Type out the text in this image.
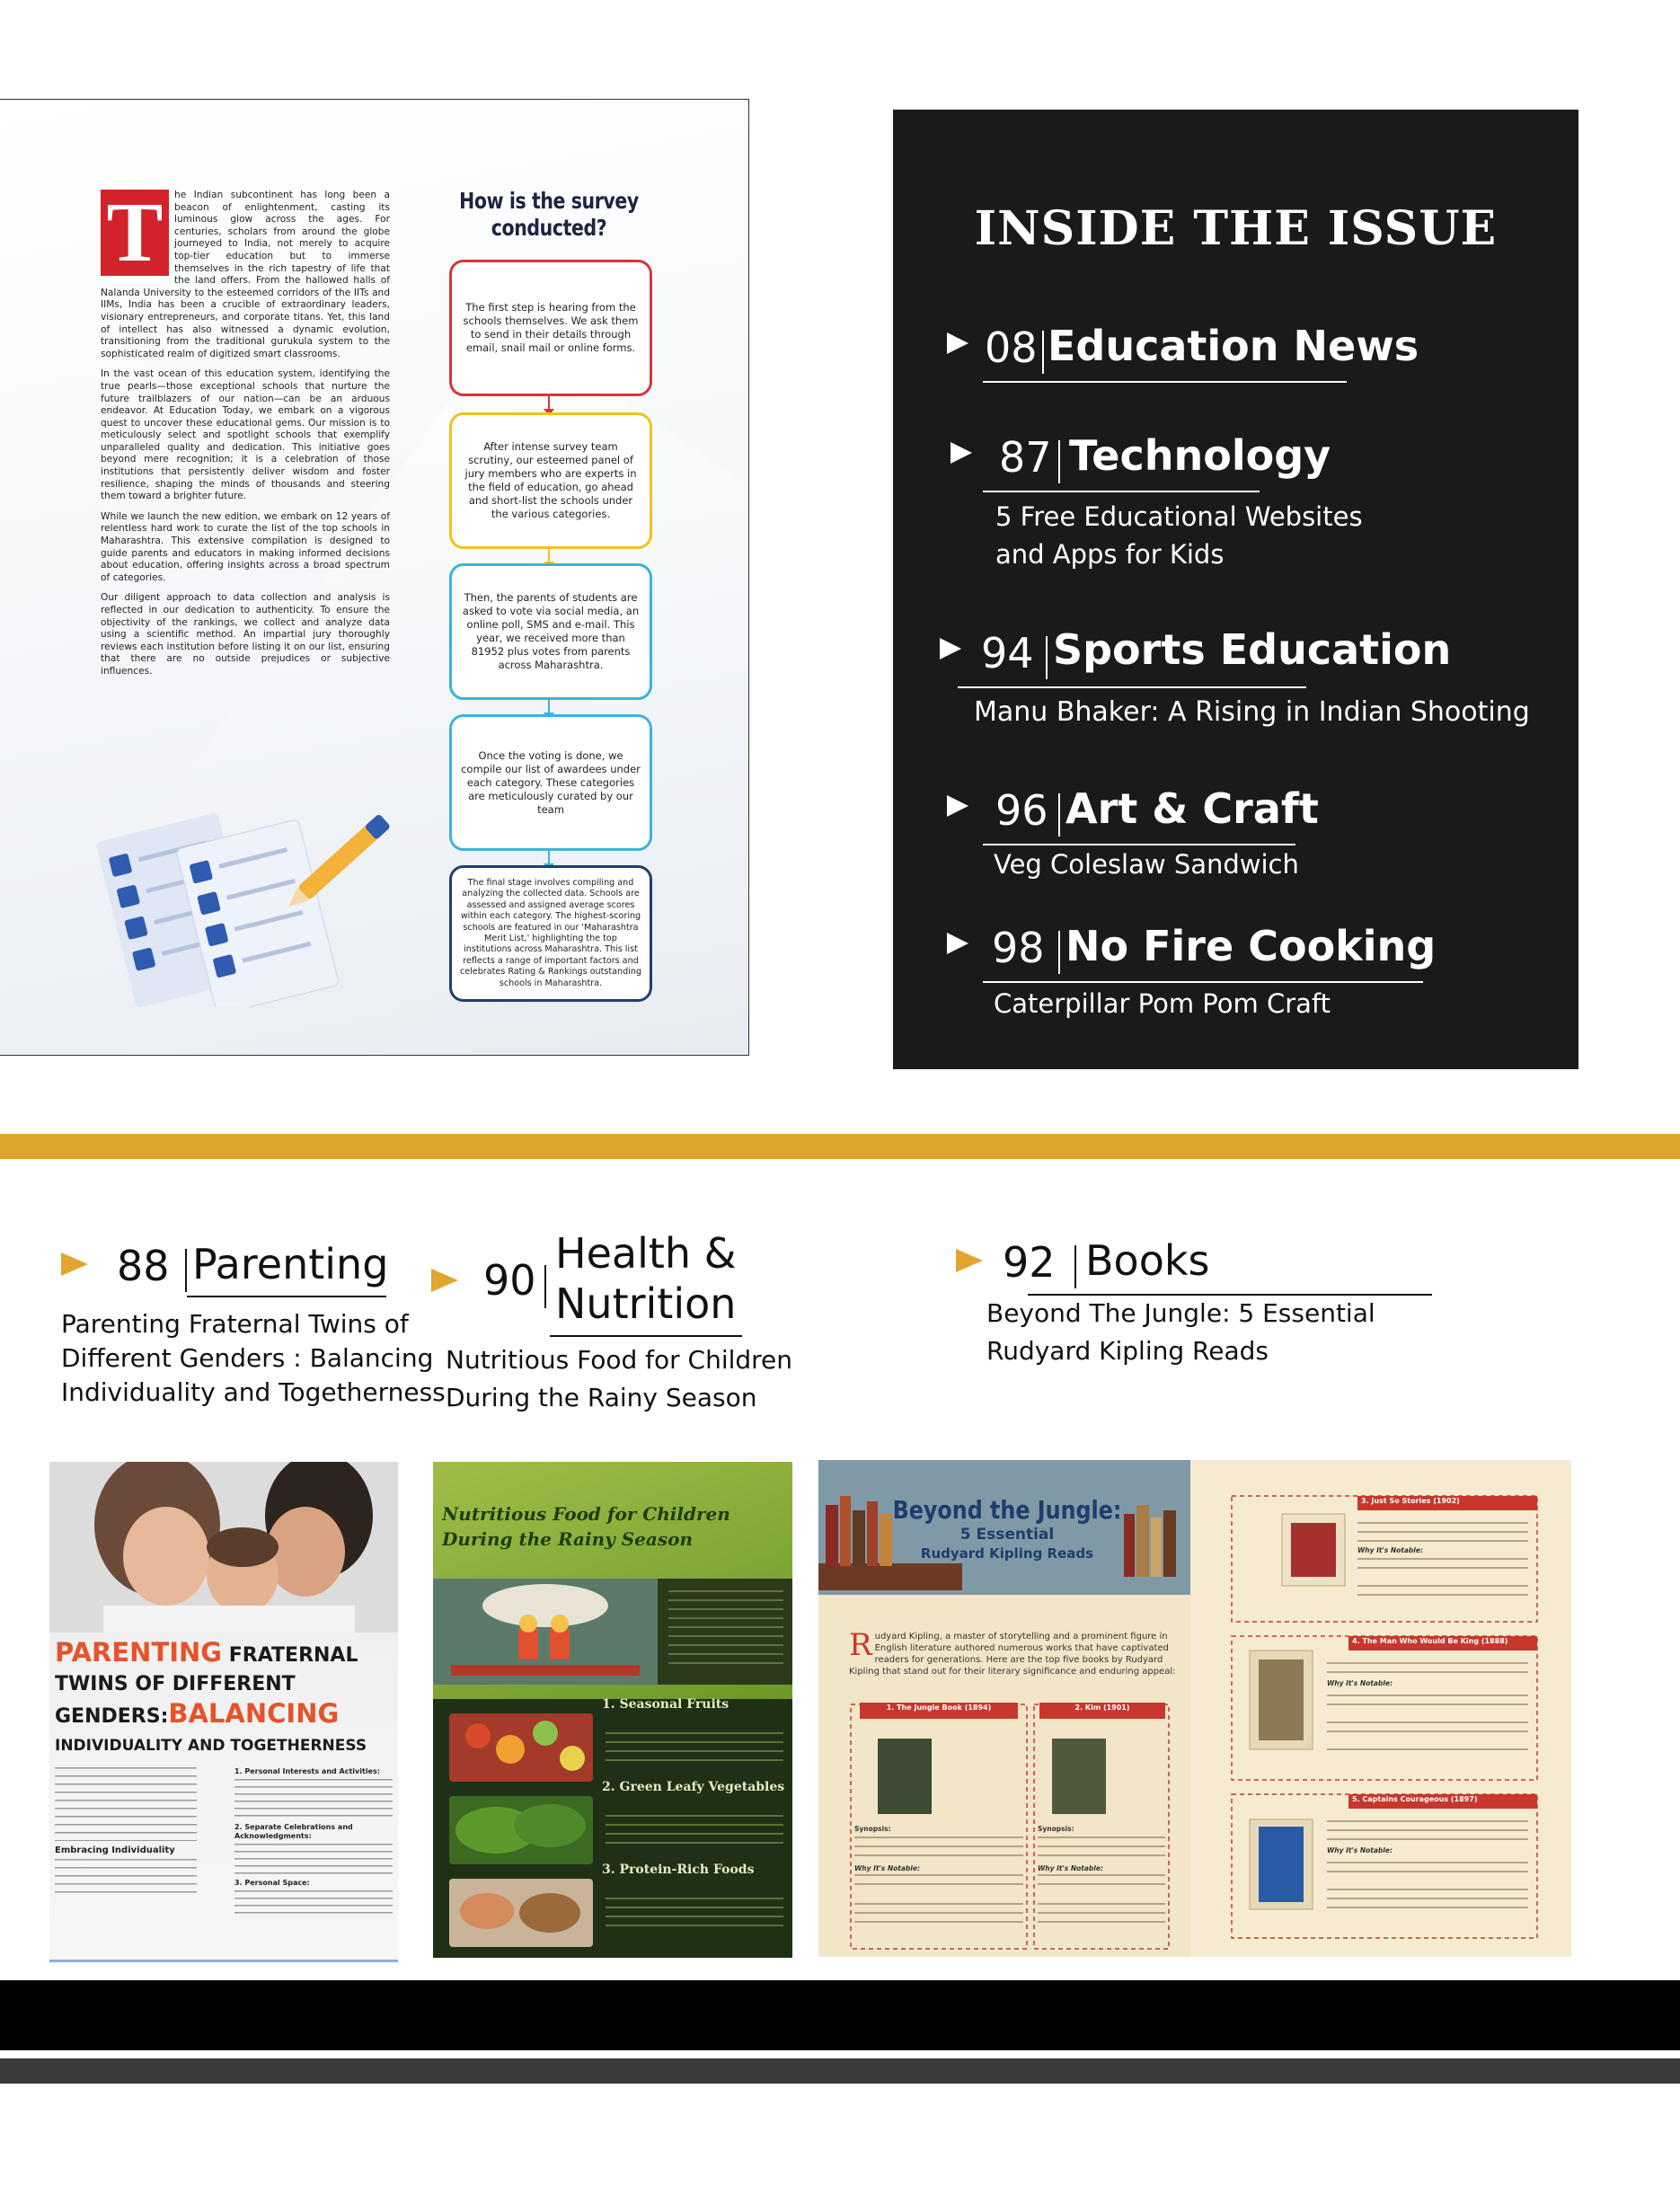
T	he Indian subcontinent has long been a beacon of enlightenment, casting its luminous glow across the ages. For centuries, scholars from around the globe journeyed to India, not merely to acquire top-tier education but to immerse themselves in the rich tapestry of life that the land offers. From the hallowed halls of Nalanda University to the esteemed corridors of the IITs and IIMs, India has been a crucible of extraordinary leaders, visionary entrepreneurs, and corporate titans. Yet, this land of intellect has also witnessed a dynamic evolution, transitioning from the traditional gurukula system to the sophisticated realm of digitized smart classrooms.

In the vast ocean of this education system, identifying the true pearls—those exceptional schools that nurture the future trailblazers of our nation—can be an arduous endeavor. At Education Today, we embark on a vigorous quest to uncover these educational gems. Our mission is to meticulously select and spotlight schools that exemplify unparalleled quality and dedication. This initiative goes beyond mere recognition; it is a celebration of those institutions that persistently deliver wisdom and foster resilience, shaping the minds of thousands and steering them toward a brighter future.

While we launch the new edition, we embark on 12 years of relentless hard work to curate the list of the top schools in Maharashtra. This extensive compilation is designed to guide parents and educators in making informed decisions about education, offering insights across a broad spectrum of categories.

Our diligent approach to data collection and analysis is reflected in our dedication to authenticity. To ensure the objectivity of the rankings, we collect and analyze data using a scientific method. An impartial jury thoroughly reviews each institution before listing it on our list, ensuring that there are no outside prejudices or subjective influences.

How is the survey
conducted?
The first step is hearing from the schools themselves. We ask them to send in their details through email, snail mail or online forms.
After intense survey team scrutiny, our esteemed panel of jury members who are experts in the field of education, go ahead and short-list the schools under the various categories.
Then, the parents of students are asked to vote via social media, an online poll, SMS and e-mail. This year, we received more than 81952 plus votes from parents across Maharashtra.
Once the voting is done, we compile our list of awardees under each category. These categories are meticulously curated by our team
The final stage involves compiling and analyzing the collected data. Schools are assessed and assigned average scores within each category. The highest-scoring schools are featured in our 'Maharashtra Merit List,' highlighting the top institutions across Maharashtra. This list reflects a range of important factors and celebrates Rating & Rankings outstanding schools in Maharashtra.
INSIDE THE ISSUE
08 Education News
87 Technology
5 Free Educational Websites
and Apps for Kids
94 Sports Education
Manu Bhaker: A Rising in Indian Shooting
96 Art & Craft
Veg Coleslaw Sandwich
98 No Fire Cooking
Caterpillar Pom Pom Craft
88 Parenting
Parenting Fraternal Twins of
Different Genders : Balancing
Individuality and Togetherness
90
Health &
Nutrition
Nutritious Food for Children
During the Rainy Season
92 Books
Beyond The Jungle: 5 Essential
Rudyard Kipling Reads
PARENTING FRATERNAL
TWINS OF DIFFERENT
GENDERS:BALANCING
INDIVIDUALITY AND TOGETHERNESS
Embracing Individuality
1. Personal Interests and Activities:
2. Separate Celebrations and Acknowledgments:
3. Personal Space:
Nutritious Food for Children During the Rainy Season
1. Seasonal Fruits
2. Green Leafy Vegetables
3. Protein-Rich Foods
Beyond the Jungle:
5 Essential
Rudyard Kipling Reads
Rudyard Kipling, a master of storytelling and a prominent figure in English literature authored numerous works that have captivated readers for generations. Here are the top five books by Rudyard Kipling that stand out for their literary significance and enduring appeal:
1. The Jungle Book (1894)	2. Kim (1901)
3. Just So Stories (1902)
4. The Man Who Would Be King (1888)
5. Captains Courageous (1897)
Synopsis:
Why It's Notable:
Synopsis:
Why It's Notable:
Why It's Notable:
Why It's Notable:
Why It's Notable:
